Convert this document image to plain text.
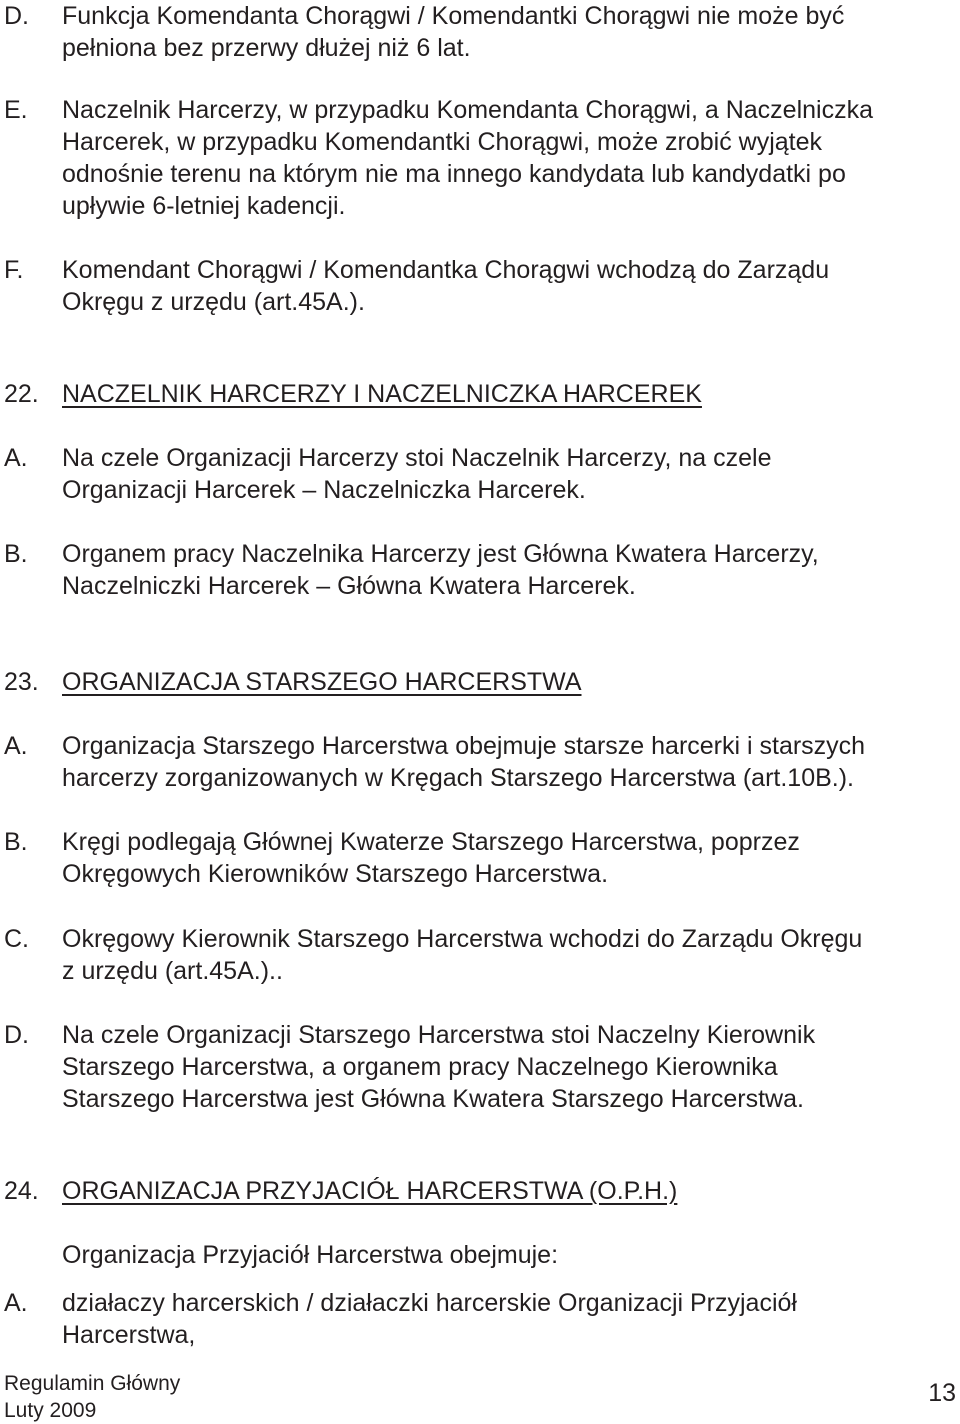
D. Funkcja Komendanta Chorągwi / Komendantki Chorągwi nie może być
pełniona bez przerwy dłużej niż 6 lat.
E. Naczelnik Harcerzy, w przypadku Komendanta Chorągwi, a Naczelniczka
Harcerek, w przypadku Komendantki Chorągwi, może zrobić wyjątek
odnośnie terenu na którym nie ma innego kandydata lub kandydatki po
upływie 6-letniej kadencji.
F. Komendant Chorągwi / Komendantka Chorągwi wchodzą do Zarządu
Okręgu z urzędu (art.45A.).
22. NACZELNIK HARCERZY I NACZELNICZKA HARCEREK
A. Na czele Organizacji Harcerzy stoi Naczelnik Harcerzy, na czele
Organizacji Harcerek – Naczelniczka Harcerek.
B. Organem pracy Naczelnika Harcerzy jest Główna Kwatera Harcerzy,
Naczelniczki Harcerek – Główna Kwatera Harcerek.
23. ORGANIZACJA STARSZEGO HARCERSTWA
A. Organizacja Starszego Harcerstwa obejmuje starsze harcerki i starszych
harcerzy zorganizowanych w Kręgach Starszego Harcerstwa (art.10B.).
B. Kręgi podlegają Głównej Kwaterze Starszego Harcerstwa, poprzez
Okręgowych Kierowników Starszego Harcerstwa.
C. Okręgowy Kierownik Starszego Harcerstwa wchodzi do Zarządu Okręgu
z urzędu (art.45A.)..
D. Na czele Organizacji Starszego Harcerstwa stoi Naczelny Kierownik
Starszego Harcerstwa, a organem pracy Naczelnego Kierownika
Starszego Harcerstwa jest Główna Kwatera Starszego Harcerstwa.
24. ORGANIZACJA PRZYJACIÓŁ HARCERSTWA (O.P.H.)
Organizacja Przyjaciół Harcerstwa obejmuje:
A. działaczy harcerskich / działaczki harcerskie Organizacji Przyjaciół
Harcerstwa,
Regulamin Główny
Luty 2009
13
